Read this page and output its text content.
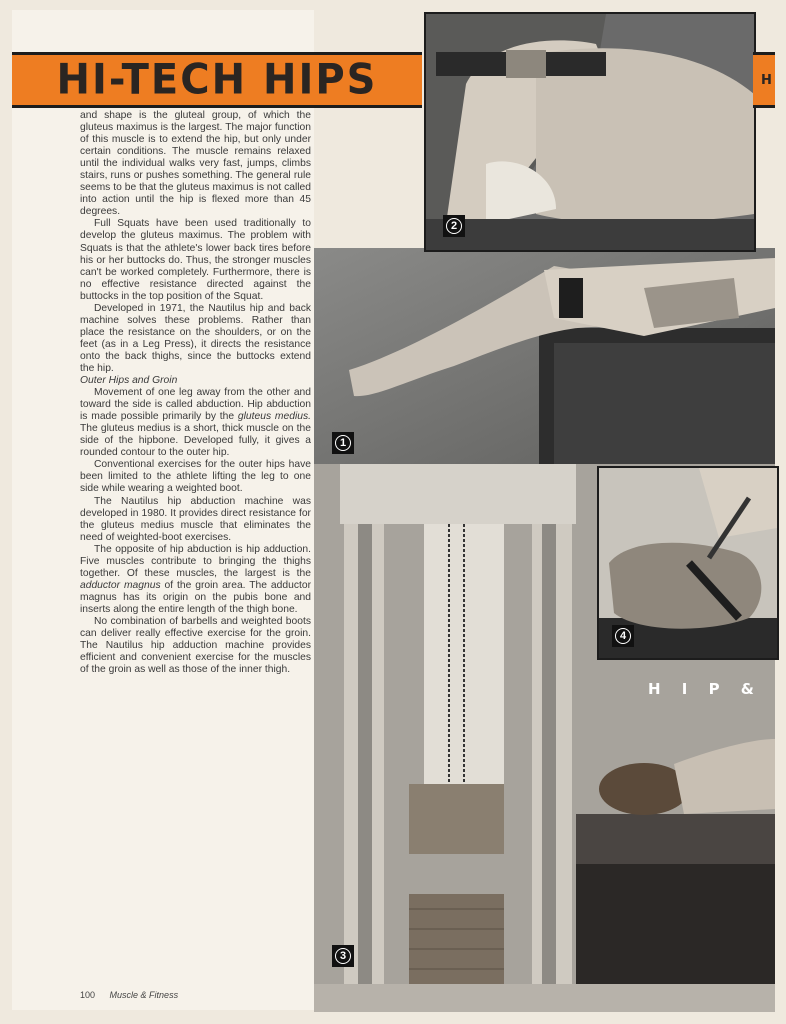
HI-TECH HIPS	H
1
2
3
4
H I P &

and shape is the gluteal group, of which the gluteus maximus is the largest. The major function of this muscle is to extend the hip, but only under certain conditions. The muscle remains relaxed until the individual walks very fast, jumps, climbs stairs, runs or pushes something. The general rule seems to be that the gluteus maximus is not called into action until the hip is flexed more than 45 degrees.

Full Squats have been used traditionally to develop the gluteus maximus. The problem with Squats is that the athlete's lower back tires before his or her buttocks do. Thus, the stronger muscles can't be worked completely. Furthermore, there is no effective resistance directed against the buttocks in the top position of the Squat.

Developed in 1971, the Nautilus hip and back machine solves these problems. Rather than place the resistance on the shoulders, or on the feet (as in a Leg Press), it directs the resistance onto the back thighs, since the buttocks extend the hip.

Outer Hips and Groin

Movement of one leg away from the other and toward the side is called abduction. Hip abduction is made possible primarily by the gluteus medius. The gluteus medius is a short, thick muscle on the side of the hipbone. Developed fully, it gives a rounded contour to the outer hip.

Conventional exercises for the outer hips have been limited to the athlete lifting the leg to one side while wearing a weighted boot.

The Nautilus hip abduction machine was developed in 1980. It provides direct resistance for the gluteus medius muscle that eliminates the need of weighted-boot exercises.

The opposite of hip abduction is hip adduction. Five muscles contribute to bringing the thighs together. Of these muscles, the largest is the adductor magnus of the groin area. The adductor magnus has its origin on the pubis bone and inserts along the entire length of the thigh bone.

No combination of barbells and weighted boots can deliver really effective exercise for the groin. The Nautilus hip adduction machine provides efficient and convenient exercise for the muscles of the groin as well as those of the inner thigh.

100 Muscle & Fitness
